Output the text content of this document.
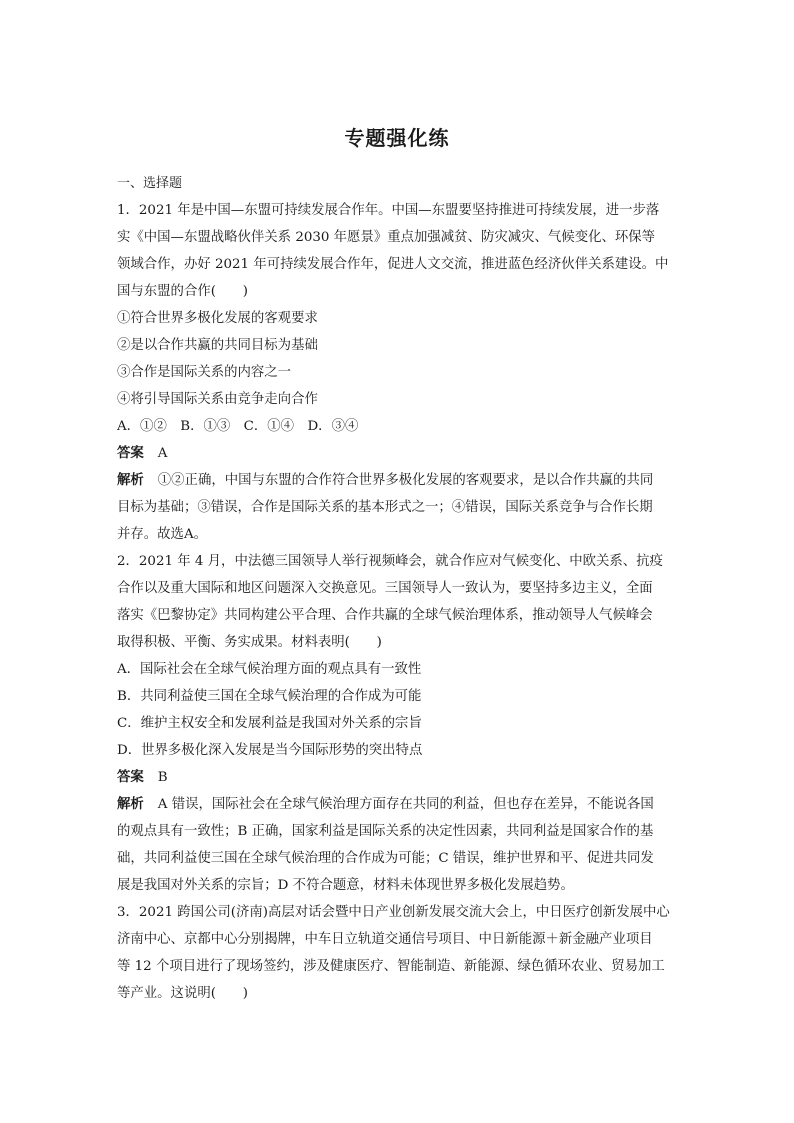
专题强化练
一、选择题
1．2021 年是中国—东盟可持续发展合作年。中国—东盟要坚持推进可持续发展，进一步落
实《中国—东盟战略伙伴关系 2030 年愿景》重点加强减贫、防灾减灾、气候变化、环保等
领域合作，办好 2021 年可持续发展合作年，促进人文交流，推进蓝色经济伙伴关系建设。中
国与东盟的合作(　　)
①符合世界多极化发展的客观要求
②是以合作共赢的共同目标为基础
③合作是国际关系的内容之一
④将引导国际关系由竞争走向合作
A．①②　B．①③　C．①④　D．③④
答案 A
解析 ①②正确，中国与东盟的合作符合世界多极化发展的客观要求，是以合作共赢的共同
目标为基础；③错误，合作是国际关系的基本形式之一；④错误，国际关系竞争与合作长期
并存。故选A。
2．2021 年 4 月，中法德三国领导人举行视频峰会，就合作应对气候变化、中欧关系、抗疫
合作以及重大国际和地区问题深入交换意见。三国领导人一致认为，要坚持多边主义，全面
落实《巴黎协定》共同构建公平合理、合作共赢的全球气候治理体系，推动领导人气候峰会
取得积极、平衡、务实成果。材料表明(　　)
A．国际社会在全球气候治理方面的观点具有一致性
B．共同利益使三国在全球气候治理的合作成为可能
C．维护主权安全和发展利益是我国对外关系的宗旨
D．世界多极化深入发展是当今国际形势的突出特点
答案 B
解析 A 错误，国际社会在全球气候治理方面存在共同的利益，但也存在差异，不能说各国
的观点具有一致性；B 正确，国家利益是国际关系的决定性因素，共同利益是国家合作的基
础，共同利益使三国在全球气候治理的合作成为可能；C 错误，维护世界和平、促进共同发
展是我国对外关系的宗旨；D 不符合题意，材料未体现世界多极化发展趋势。
3．2021 跨国公司(济南)高层对话会暨中日产业创新发展交流大会上，中日医疗创新发展中心
济南中心、京都中心分别揭牌，中车日立轨道交通信号项目、中日新能源＋新金融产业项目
等 12 个项目进行了现场签约，涉及健康医疗、智能制造、新能源、绿色循环农业、贸易加工
等产业。这说明(　　)
